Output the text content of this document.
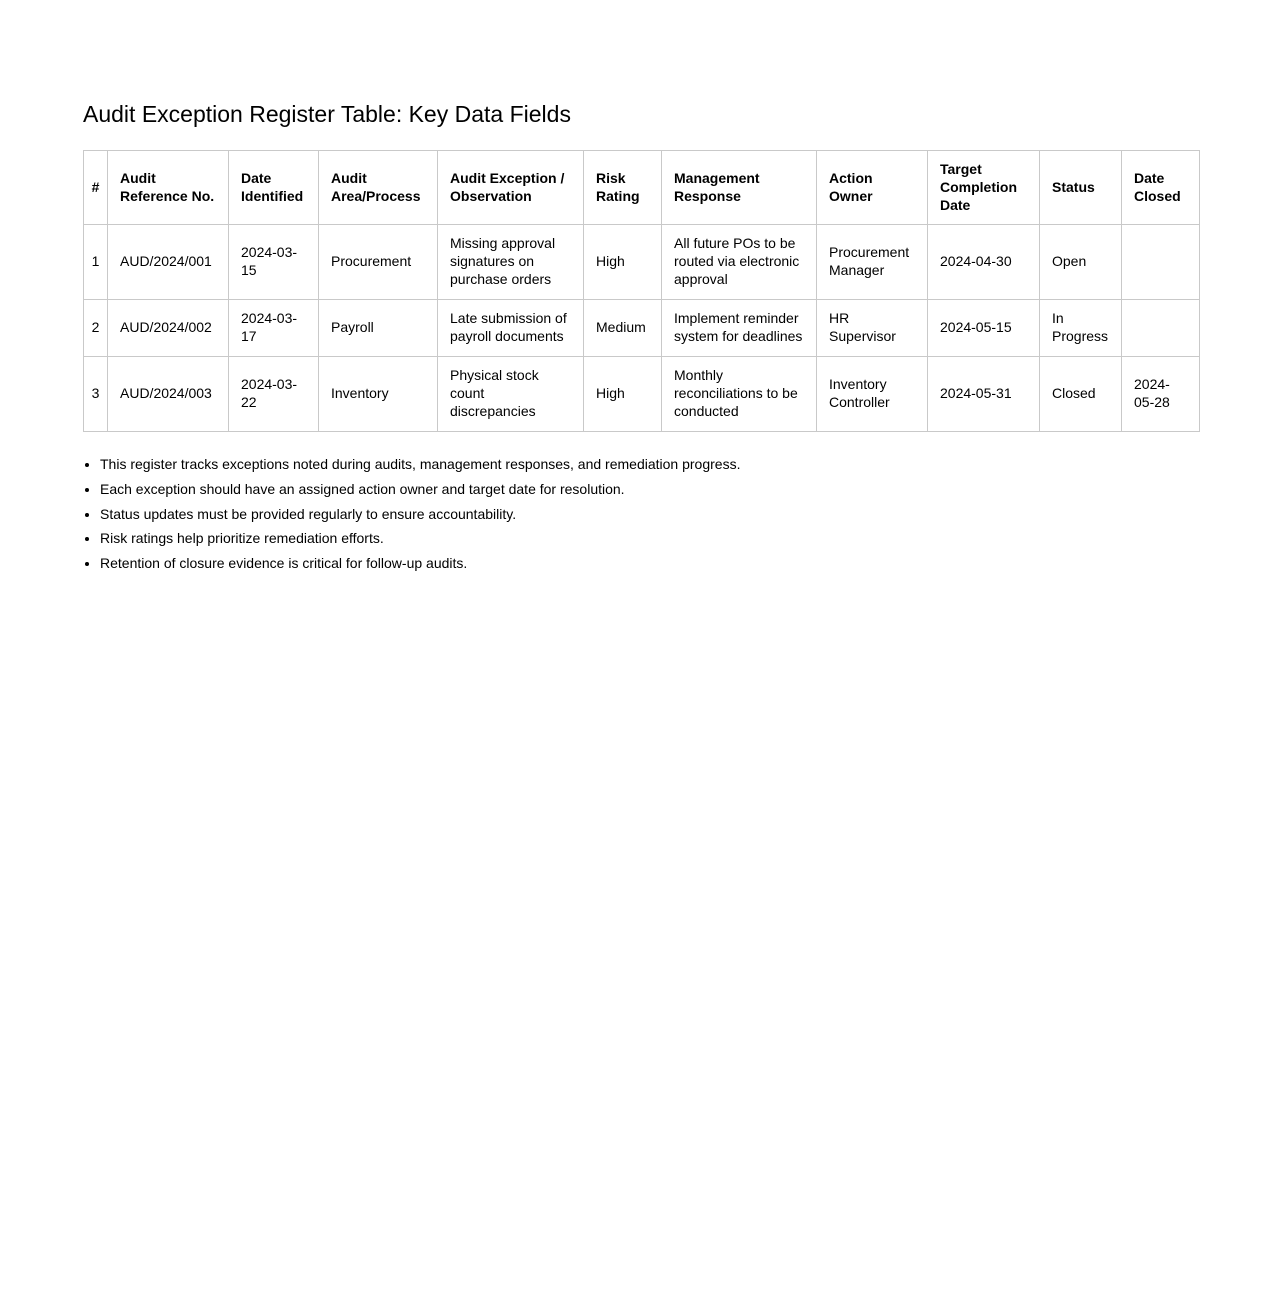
Audit Exception Register Table: Key Data Fields
#	Audit Reference No.	Date Identified	Audit Area/Process	Audit Exception / Observation	Risk Rating	Management Response	Action Owner	Target Completion Date	Status	Date Closed
1	AUD/2024/001	2024-03-15	Procurement	Missing approval signatures on purchase orders	High	All future POs to be routed via electronic approval	Procurement Manager	2024-04-30	Open	
2	AUD/2024/002	2024-03-17	Payroll	Late submission of payroll documents	Medium	Implement reminder system for deadlines	HR Supervisor	2024-05-15	In Progress	
3	AUD/2024/003	2024-03-22	Inventory	Physical stock count discrepancies	High	Monthly reconciliations to be conducted	Inventory Controller	2024-05-31	Closed	2024-05-28
• This register tracks exceptions noted during audits, management responses, and remediation progress.
• Each exception should have an assigned action owner and target date for resolution.
• Status updates must be provided regularly to ensure accountability.
• Risk ratings help prioritize remediation efforts.
• Retention of closure evidence is critical for follow-up audits.
